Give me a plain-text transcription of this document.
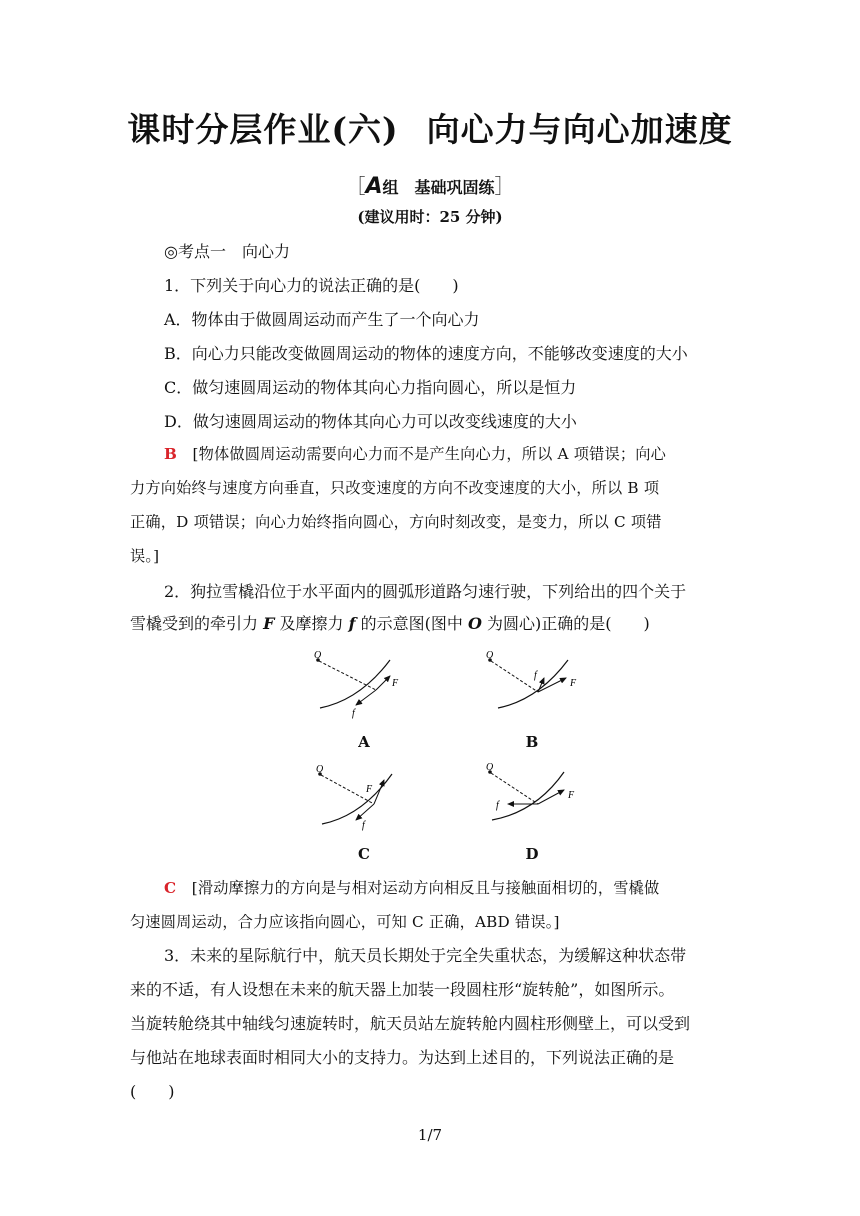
课时分层作业(六) 向心力与向心加速度
［A组　基础巩固练］
(建议用时：25 分钟)
◎考点一　向心力
1．下列关于向心力的说法正确的是(　　)
A．物体由于做圆周运动而产生了一个向心力
B．向心力只能改变做圆周运动的物体的速度方向，不能够改变速度的大小
C．做匀速圆周运动的物体其向心力指向圆心，所以是恒力
D．做匀速圆周运动的物体其向心力可以改变线速度的大小
B　 [物体做圆周运动需要向心力而不是产生向心力，所以 A 项错误；向心
力方向始终与速度方向垂直，只改变速度的方向不改变速度的大小，所以 B 项
正确，D 项错误；向心力始终指向圆心，方向时刻改变，是变力，所以 C 项错
误。]
2．狗拉雪橇沿位于水平面内的圆弧形道路匀速行驶，下列给出的四个关于
雪橇受到的牵引力 F 及摩擦力 f 的示意图(图中 O 为圆心)正确的是(　　)
O
F
f
A
O
F
f
B
O
F
f
C
O
F
f
D
C　 [滑动摩擦力的方向是与相对运动方向相反且与接触面相切的，雪橇做
匀速圆周运动，合力应该指向圆心，可知 C 正确，ABD 错误。]
3．未来的星际航行中，航天员长期处于完全失重状态，为缓解这种状态带
来的不适，有人设想在未来的航天器上加装一段圆柱形“旋转舱”，如图所示。
当旋转舱绕其中轴线匀速旋转时，航天员站左旋转舱内圆柱形侧壁上，可以受到
与他站在地球表面时相同大小的支持力。为达到上述目的，下列说法正确的是
(　　)
1/7
